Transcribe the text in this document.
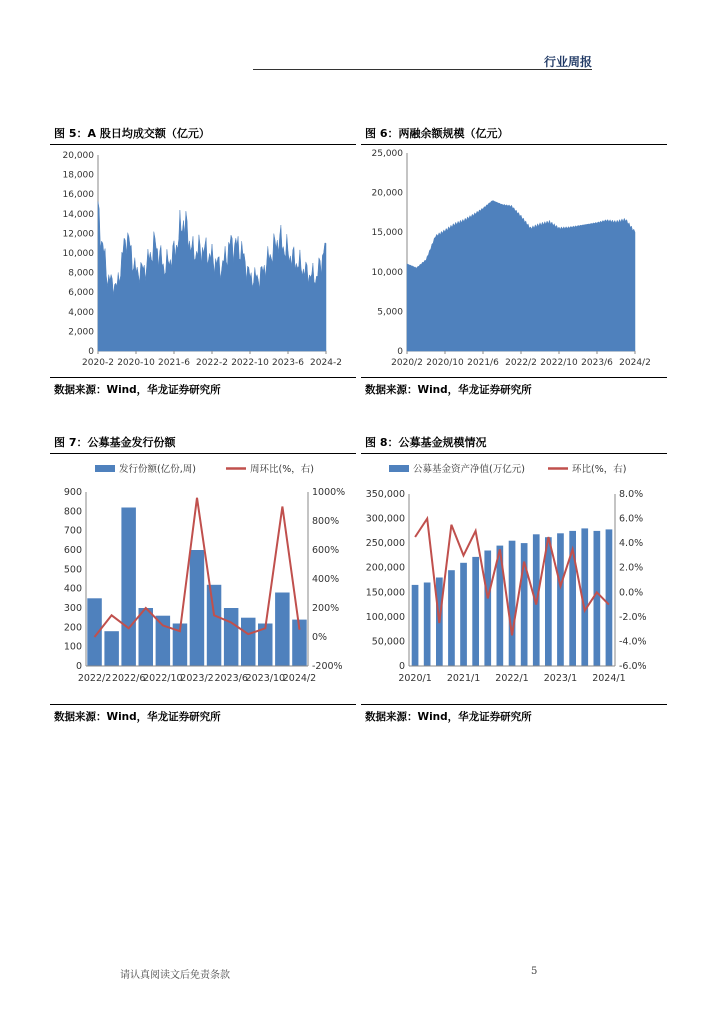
行业周报
图 5：A 股日均成交额（亿元）
0
2,000
4,000
6,000
8,000
10,000
12,000
14,000
16,000
18,000
20,000
2020-2 2020-10 2021-6 2022-2 2022-10 2023-6 2024-2
数据来源：Wind，华龙证券研究所
图 6：两融余额规模（亿元）
0
5,000
10,000
15,000
20,000
25,000
2020/2 2020/10 2021/6 2022/2 2022/10 2023/6 2024/2
数据来源：Wind，华龙证券研究所
图 7：公募基金发行份额
发行份额(亿份,周)	周环比(%，右)
0
100
200
300
400
500
600
700
800
900
-200%
0%
200%
400%
600%
800%
1000%
2022/2 2022/6
2022/10
2023/2 2023/6
2023/10
2024/2
数据来源：Wind，华龙证券研究所
图 8：公募基金规模情况
公募基金资产净值(万亿元)	环比(%，右)
0
50,000
100,000
150,000
200,000
250,000
300,000
350,000
-6.0%
-4.0%
-2.0%
0.0%
2.0%
4.0%
6.0%
8.0%
2020/1 2021/1 2022/1 2023/1 2024/1
数据来源：Wind，华龙证券研究所
请认真阅读文后免责条款	5
